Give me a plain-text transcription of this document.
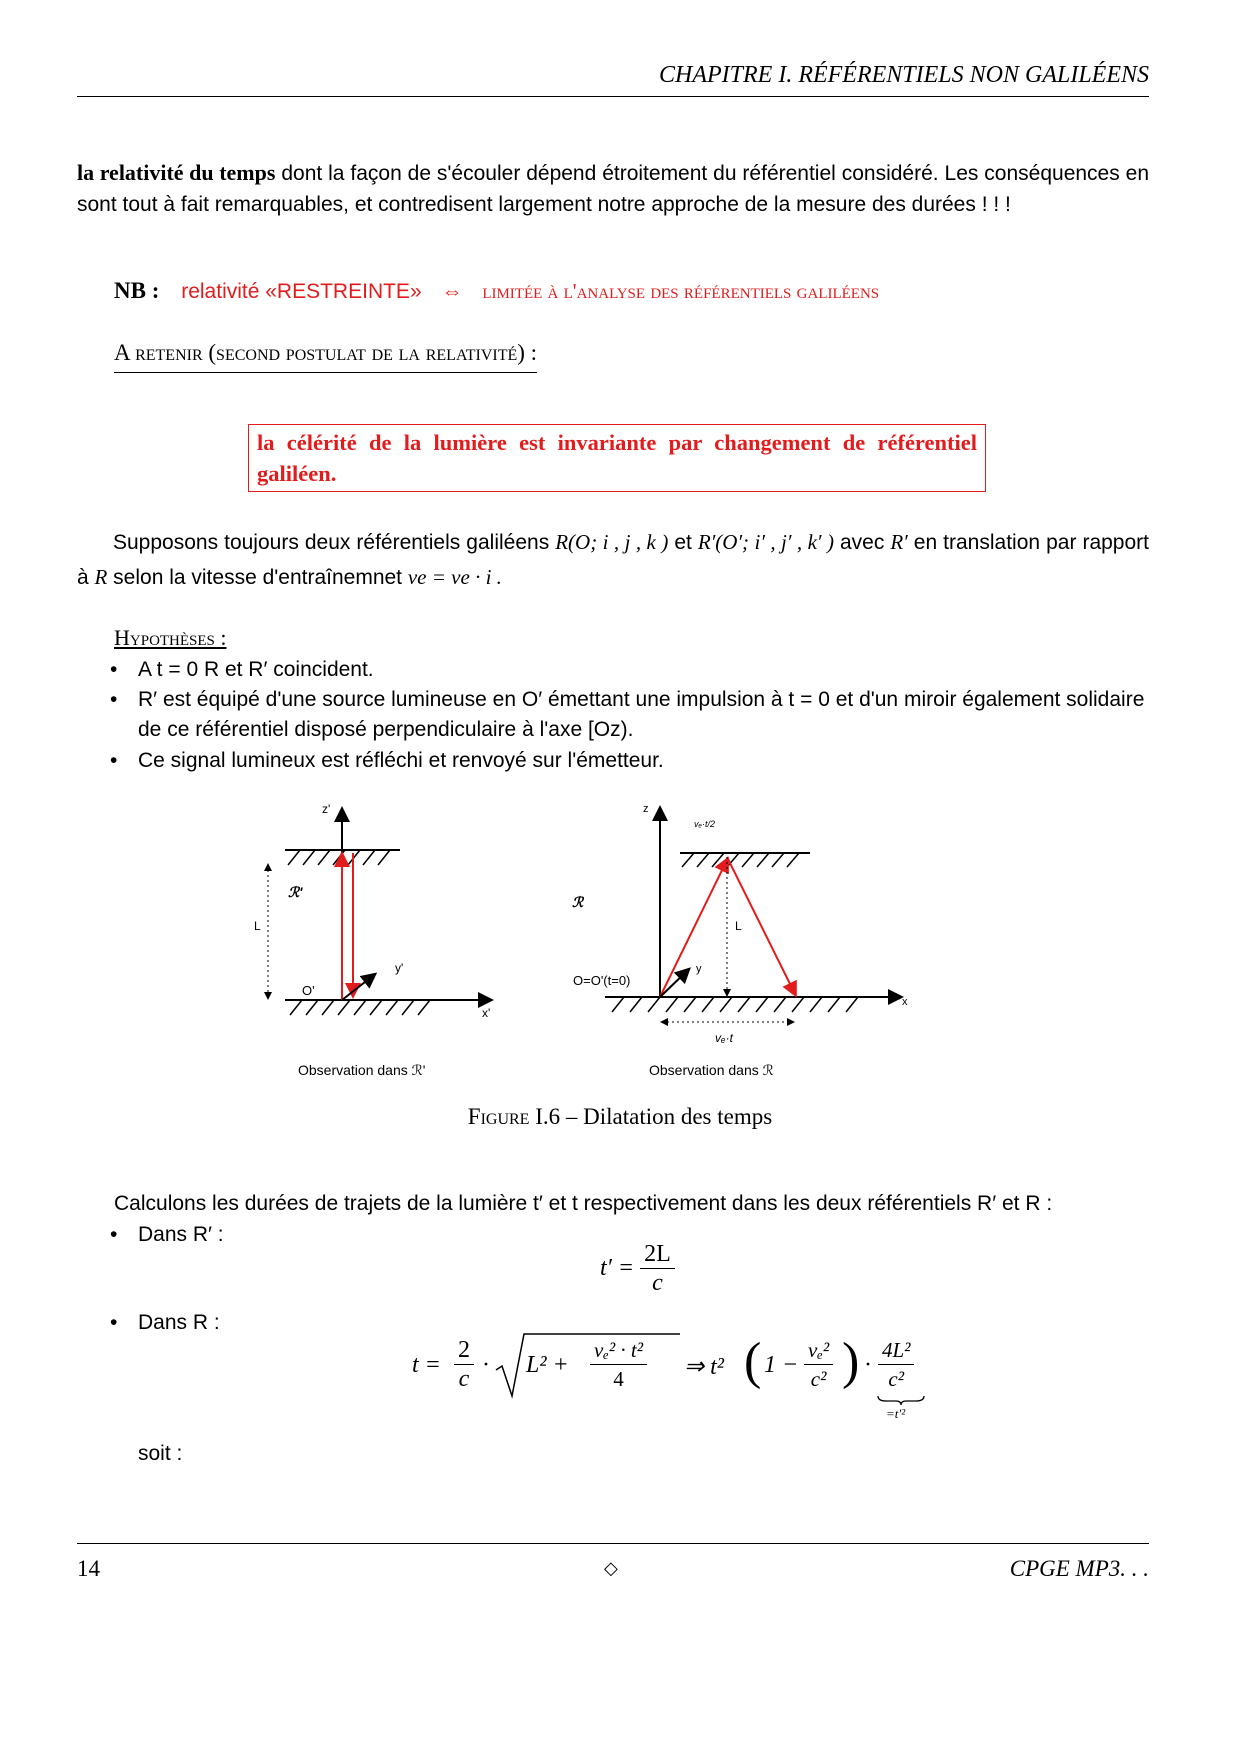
CHAPITRE I. RÉFÉRENTIELS NON GALILÉENS
la relativité du temps dont la façon de s'écouler dépend étroitement du référentiel considéré. Les conséquences en sont tout à fait remarquables, et contredisent largement notre approche de la mesure des durées ! ! !
NB : relativité «RESTREINTE» ⇔ limitée à l'analyse des référentiels galiléens
A retenir (second postulat de la relativité) :
la célérité de la lumière est invariante par changement de référentiel galiléen.
Supposons toujours deux référentiels galiléens R(O; i , j , k ) et R′(O′; i′ , j′ , k′ ) avec R′ en translation par rapport à R selon la vitesse d'entraînemnet ve = ve · i .
Hypothèses :
• A t = 0 R et R′ coincident.
• R′ est équipé d'une source lumineuse en O′ émettant une impulsion à t = 0 et d'un miroir également solidaire de ce référentiel disposé perpendiculaire à l'axe [Oz).
• Ce signal lumineux est réfléchi et renvoyé sur l'émetteur.
z'
L
ℛ'
O'
y'
x'
Observation dans ℛ'
z
L
ℛ
O=O'(t=0)
y
x
vₑ·t
vₑ·t/2
Observation dans ℛ
Figure I.6 – Dilatation des temps
Calculons les durées de trajets de la lumière t′ et t respectivement dans les deux référentiels R′ et R :
• Dans R′ :
$t' = \frac{2L}{c}$
• Dans R :
$t = \frac{2}{c} \cdot L^2 + \frac{\text{vₑ² · t²}}{4}$ ⇒ t² ( $1 - \frac{\text{vₑ²}}{\text{c²}}$ ) · $\frac{\text{4L²}}{\text{c²}}$
=t′²
soit :
14	◇	CPGE MP3. . .
